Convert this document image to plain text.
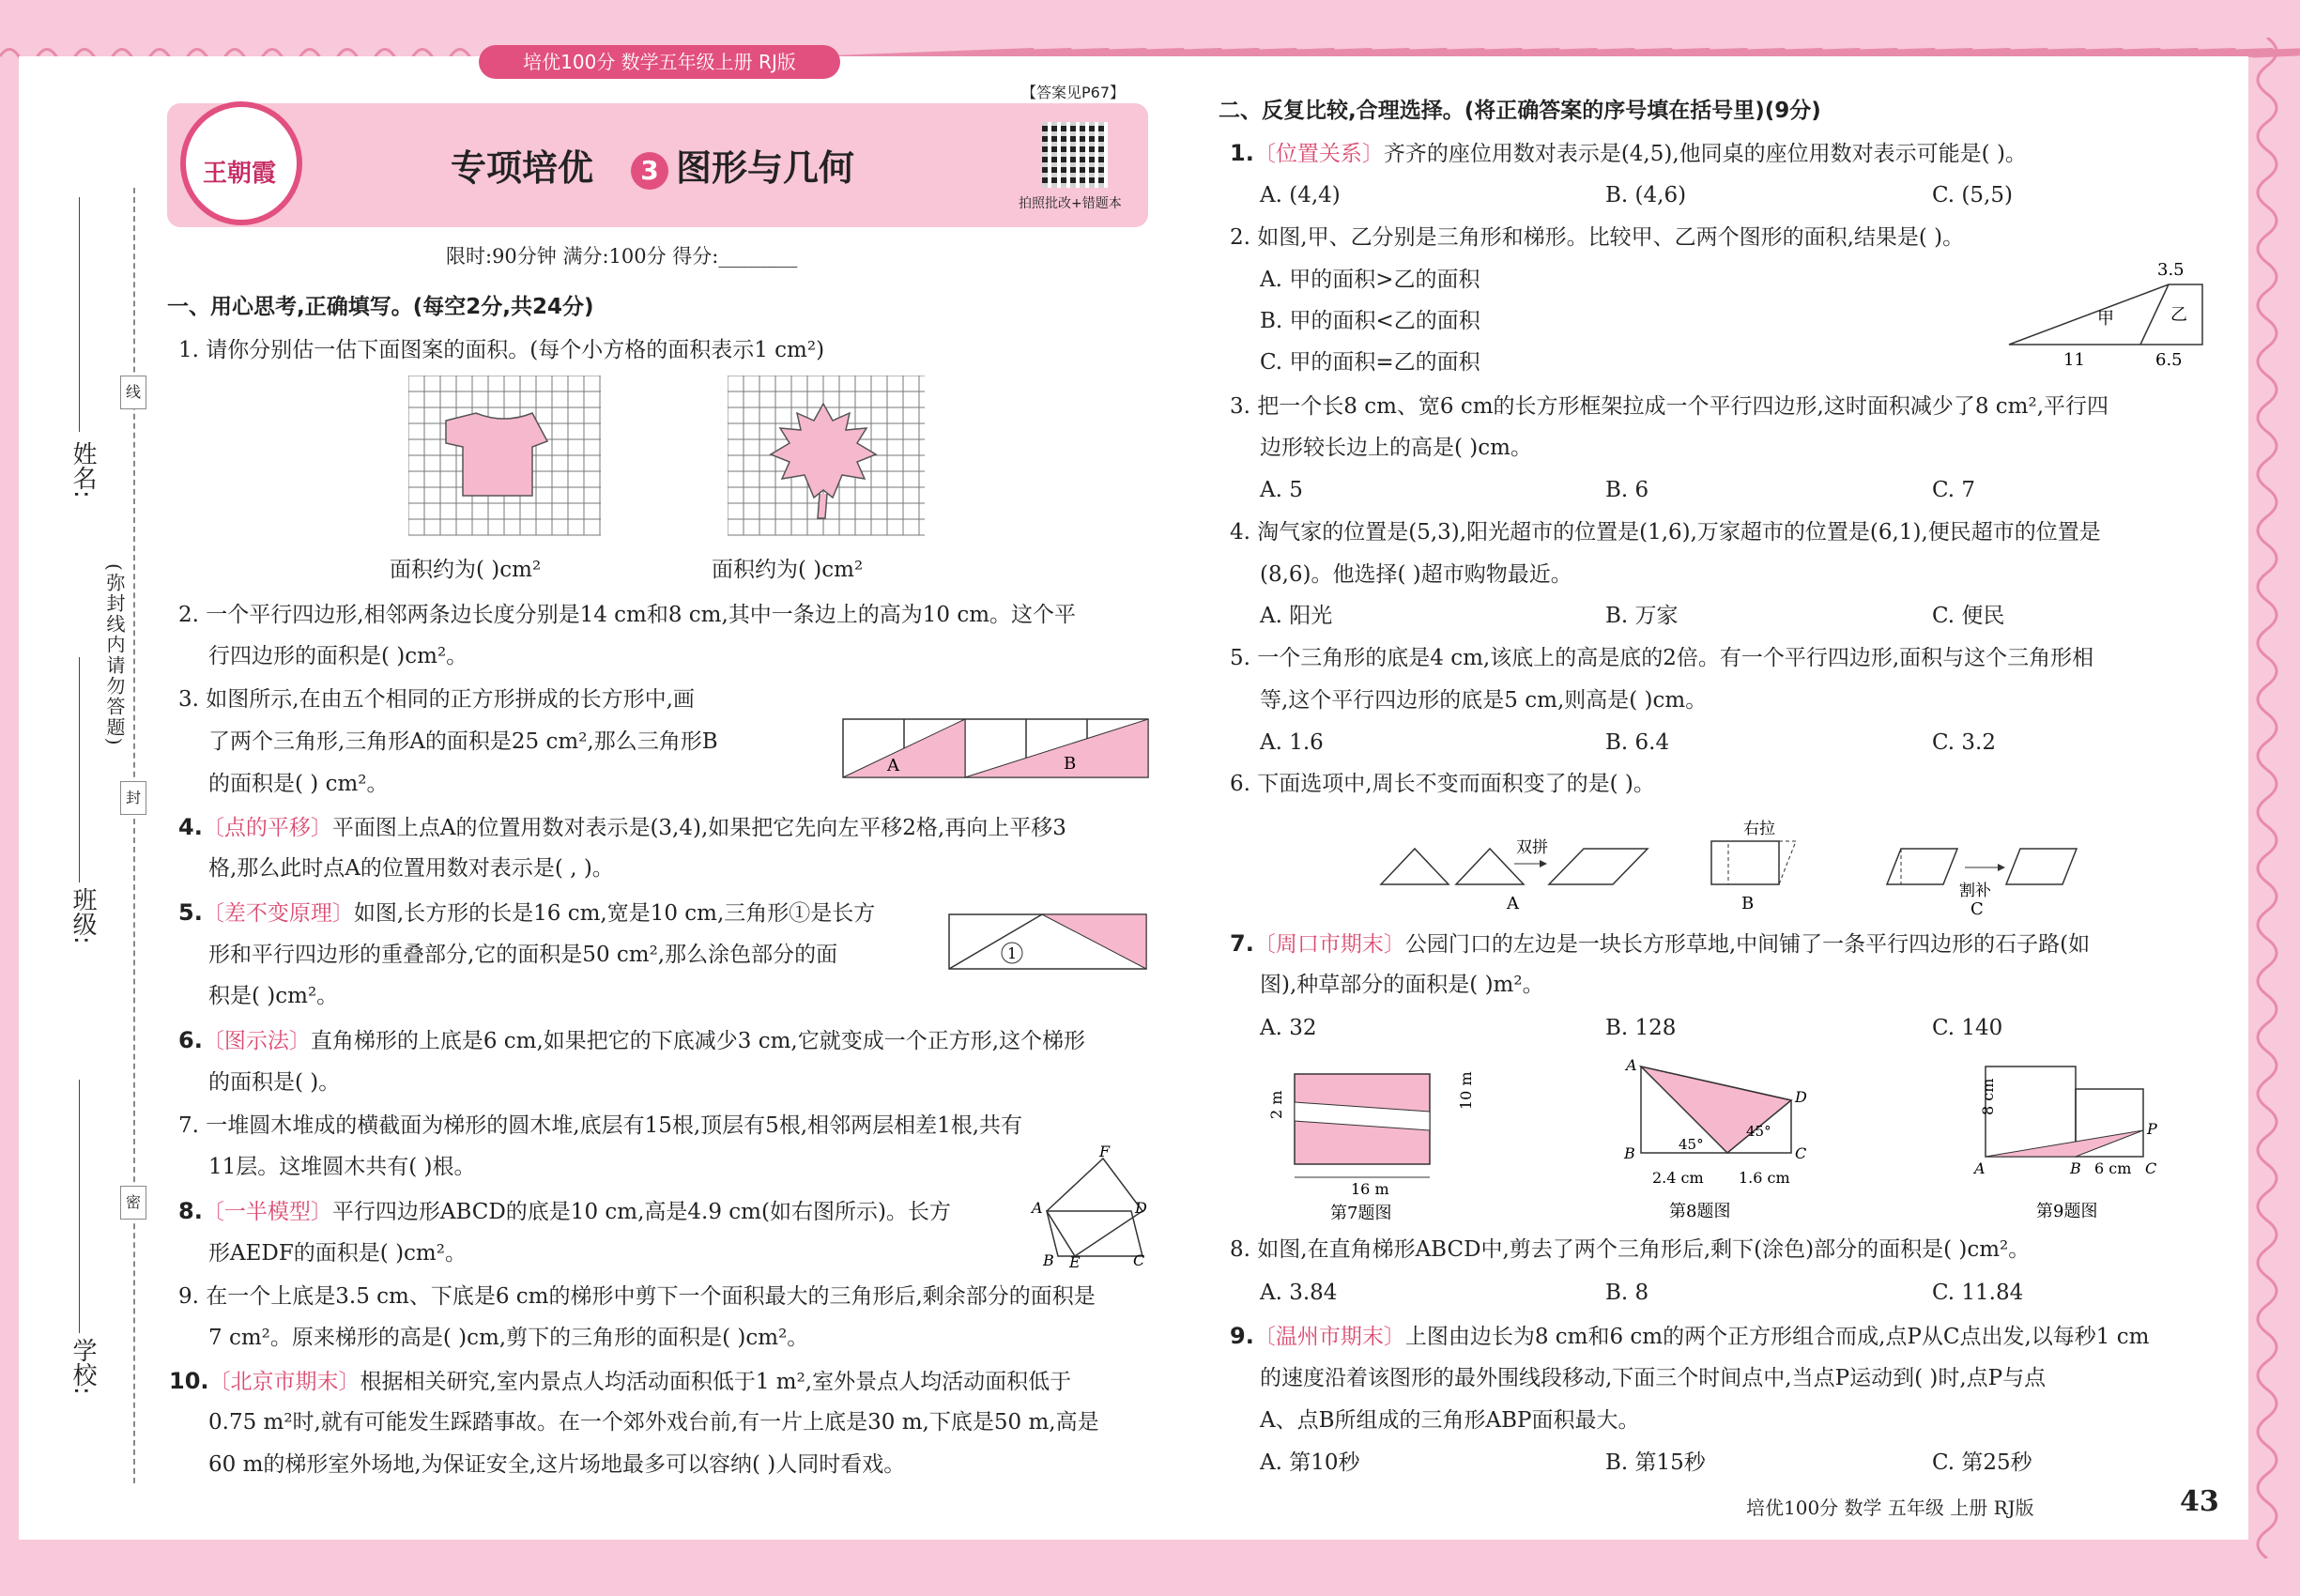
培优100分 数学五年级上册 RJ版
王朝霞	专项培优 3 图形与几何
【答案见P67】
拍照批改+错题本
限时:90分钟 满分:100分 得分:________
姓名:
班级:
学校:
线
封
密
(弥封线内请勿答题)
一、用心思考,正确填写。(每空2分,共24分)
1. 请你分别估一估下面图案的面积。(每个小方格的面积表示1 cm²)
面积约为( )cm²	面积约为( )cm²
2. 一个平行四边形,相邻两条边长度分别是14 cm和8 cm,其中一条边上的高为10 cm。这个平
行四边形的面积是( )cm²。
3. 如图所示,在由五个相同的正方形拼成的长方形中,画
了两个三角形,三角形A的面积是25 cm²,那么三角形B
的面积是( ) cm²。
A	B
4.〔点的平移〕平面图上点A的位置用数对表示是(3,4),如果把它先向左平移2格,再向上平移3
格,那么此时点A的位置用数对表示是( , )。
5.〔差不变原理〕如图,长方形的长是16 cm,宽是10 cm,三角形①是长方
形和平行四边形的重叠部分,它的面积是50 cm²,那么涂色部分的面
积是( )cm²。
1
6.〔图示法〕直角梯形的上底是6 cm,如果把它的下底减少3 cm,它就变成一个正方形,这个梯形
的面积是( )。
7. 一堆圆木堆成的横截面为梯形的圆木堆,底层有15根,顶层有5根,相邻两层相差1根,共有
11层。这堆圆木共有( )根。
8.〔一半模型〕平行四边形ABCD的底是10 cm,高是4.9 cm(如右图所示)。长方
形AEDF的面积是( )cm²。
F
A	D
B E	C
9. 在一个上底是3.5 cm、下底是6 cm的梯形中剪下一个面积最大的三角形后,剩余部分的面积是
7 cm²。原来梯形的高是( )cm,剪下的三角形的面积是( )cm²。
10.〔北京市期末〕根据相关研究,室内景点人均活动面积低于1 m²,室外景点人均活动面积低于
0.75 m²时,就有可能发生踩踏事故。在一个郊外戏台前,有一片上底是30 m,下底是50 m,高是
60 m的梯形室外场地,为保证安全,这片场地最多可以容纳( )人同时看戏。
二、反复比较,合理选择。(将正确答案的序号填在括号里)(9分)
1.〔位置关系〕齐齐的座位用数对表示是(4,5),他同桌的座位用数对表示可能是( )。
A. (4,4)	B. (4,6)	C. (5,5)
2. 如图,甲、乙分别是三角形和梯形。比较甲、乙两个图形的面积,结果是( )。
A. 甲的面积>乙的面积
B. 甲的面积<乙的面积
C. 甲的面积=乙的面积
3.5
甲	乙
11	6.5
3. 把一个长8 cm、宽6 cm的长方形框架拉成一个平行四边形,这时面积减少了8 cm²,平行四
边形较长边上的高是( )cm。
A. 5	B. 6	C. 7
4. 淘气家的位置是(5,3),阳光超市的位置是(1,6),万家超市的位置是(6,1),便民超市的位置是
(8,6)。他选择( )超市购物最近。
A. 阳光	B. 万家	C. 便民
5. 一个三角形的底是4 cm,该底上的高是底的2倍。有一个平行四边形,面积与这个三角形相
等,这个平行四边形的底是5 cm,则高是( )cm。
A. 1.6	B. 6.4	C. 3.2
6. 下面选项中,周长不变而面积变了的是( )。
双拼
A
右拉
B
割补
C
7.〔周口市期末〕公园门口的左边是一块长方形草地,中间铺了一条平行四边形的石子路(如
图),种草部分的面积是( )m²。
A. 32	B. 128	C. 140
16 m
10 m
2 m
第7题图
A
B	C
D
45°
45°
2.4 cm 1.6 cm
第8题图
8 cm
A	B	C
P
6 cm
第9题图
8. 如图,在直角梯形ABCD中,剪去了两个三角形后,剩下(涂色)部分的面积是( )cm²。
A. 3.84	B. 8	C. 11.84
9.〔温州市期末〕上图由边长为8 cm和6 cm的两个正方形组合而成,点P从C点出发,以每秒1 cm
的速度沿着该图形的最外围线段移动,下面三个时间点中,当点P运动到( )时,点P与点
A、点B所组成的三角形ABP面积最大。
A. 第10秒	B. 第15秒	C. 第25秒
培优100分 数学 五年级 上册 RJ版	43
